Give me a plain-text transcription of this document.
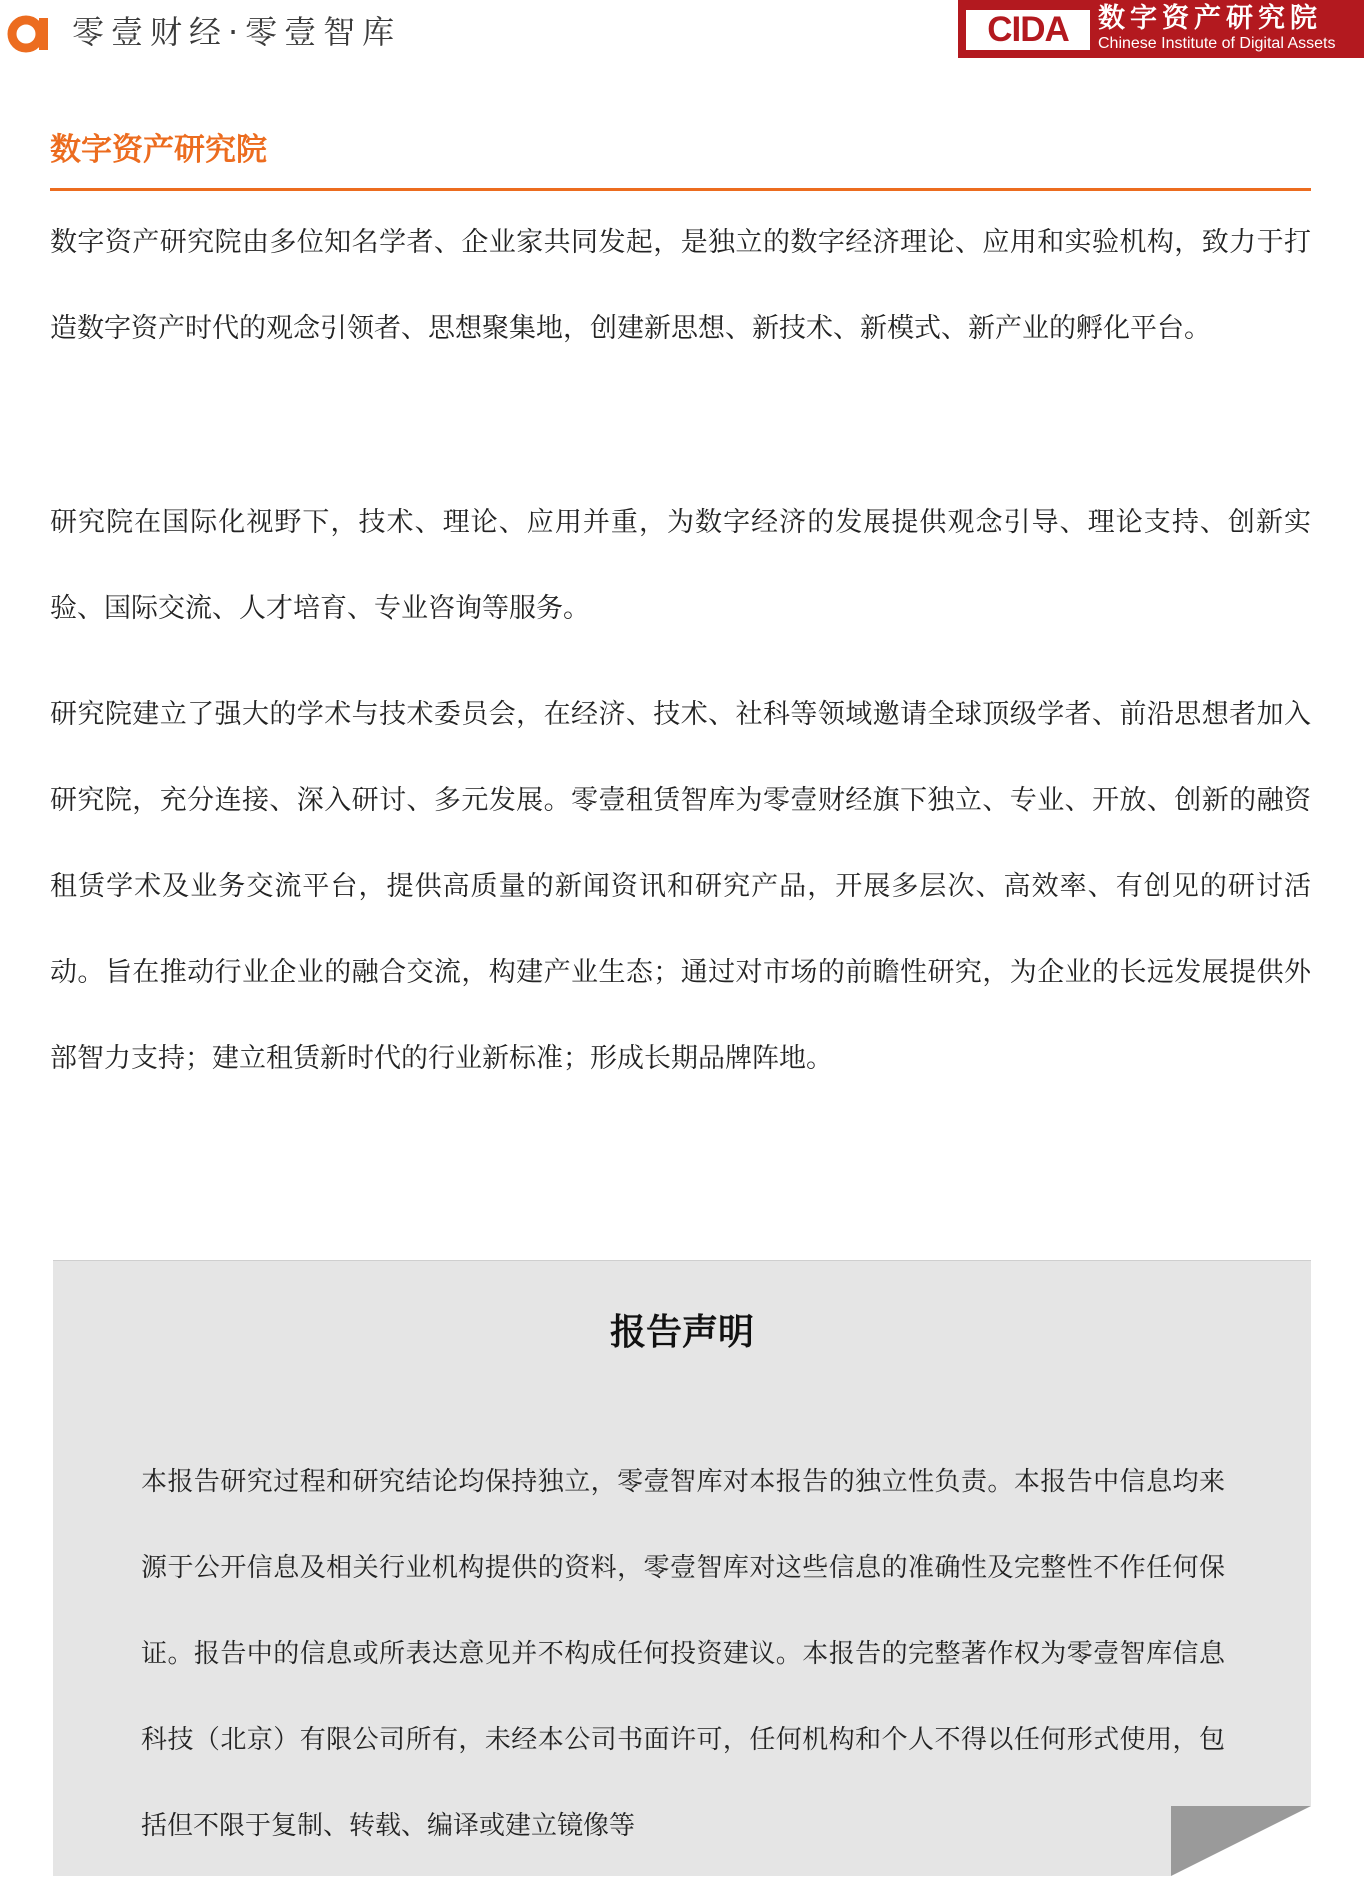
零壹财经·零壹智库	CIDA	数字资产研究院
Chinese Institute of Digital Assets
数字资产研究院

数字资产研究院由多位知名学者、企业家共同发起，是独立的数字经济理论、应用和实验机构，致力于打造数字资产时代的观念引领者、思想聚集地，创建新思想、新技术、新模式、新产业的孵化平台。

研究院在国际化视野下，技术、理论、应用并重，为数字经济的发展提供观念引导、理论支持、创新实验、国际交流、人才培育、专业咨询等服务。

研究院建立了强大的学术与技术委员会，在经济、技术、社科等领域邀请全球顶级学者、前沿思想者加入研究院，充分连接、深入研讨、多元发展。零壹租赁智库为零壹财经旗下独立、专业、开放、创新的融资租赁学术及业务交流平台，提供高质量的新闻资讯和研究产品，开展多层次、高效率、有创见的研讨活动。旨在推动行业企业的融合交流，构建产业生态；通过对市场的前瞻性研究，为企业的长远发展提供外部智力支持；建立租赁新时代的行业新标准；形成长期品牌阵地。

报告声明

本报告研究过程和研究结论均保持独立，零壹智库对本报告的独立性负责。本报告中信息均来源于公开信息及相关行业机构提供的资料，零壹智库对这些信息的准确性及完整性不作任何保证。报告中的信息或所表达意见并不构成任何投资建议。本报告的完整著作权为零壹智库信息科技（北京）有限公司所有，未经本公司书面许可，任何机构和个人不得以任何形式使用，包括但不限于复制、转载、编译或建立镜像等
